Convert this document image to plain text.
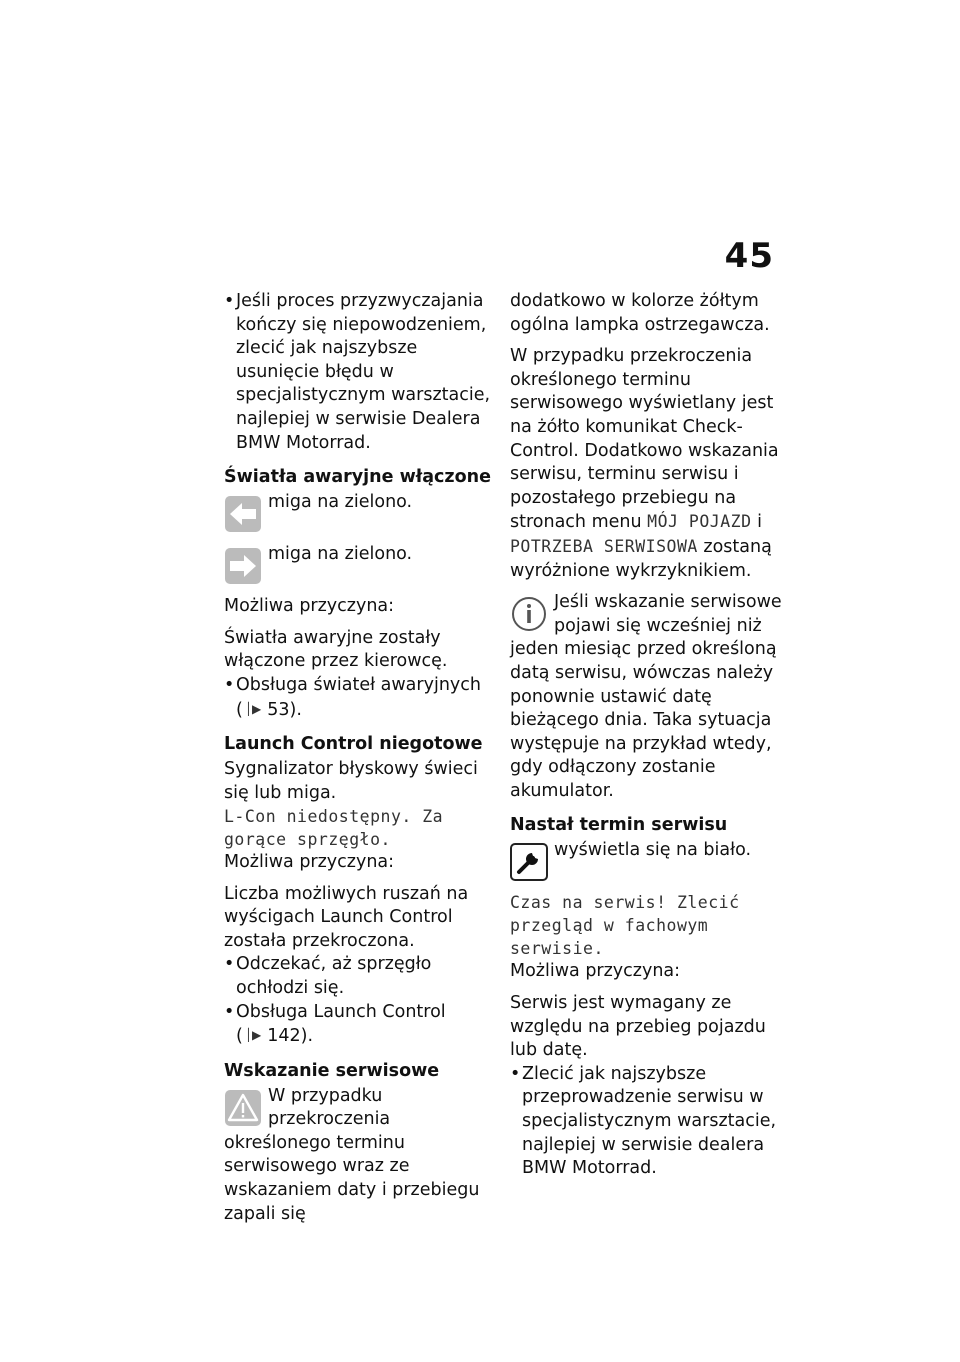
45

• Jeśli proces przyzwyczajania kończy się niepowodzeniem, zlecić jak najszybsze usunięcie błędu w specjalistycznym warsztacie, najlepiej w serwisie Dealera BMW Motorrad.

Światła awaryjne włączone
miga na zielono.
miga na zielono.

Możliwa przyczyna:

Światła awaryjne zostały włączone przez kierowcę.

• Obsługa świateł awaryjnych
( │▶ 53).

Launch Control niegotowe

Sygnalizator błyskowy świeci się lub miga.

L-Con niedostępny. Za gorące sprzęgło.

Możliwa przyczyna:

Liczba możliwych ruszań na wyścigach Launch Control została przekroczona.

• Odczekać, aż sprzęgło ochłodzi się.

• Obsługa Launch Control
( │▶ 142).

Wskazanie serwisowe
W przypadku przekroczenia określonego terminu serwisowego wraz ze wskazaniem daty i przebiegu zapali się

dodatkowo w kolorze żółtym ogólna lampka ostrzegawcza.

W przypadku przekroczenia określonego terminu serwisowego wyświetlany jest na żółto komunikat Check-Control. Dodatkowo wskazania serwisu, terminu serwisu i pozostałego przebiegu na stronach menu MÓJ POJAZD i POTRZEBA SERWISOWA zostaną wyróżnione wykrzyknikiem.

Jeśli wskazanie serwisowe pojawi się wcześniej niż jeden miesiąc przed określoną datą serwisu, wówczas należy ponownie ustawić datę bieżącego dnia. Taka sytuacja występuje na przykład wtedy, gdy odłączony zostanie akumulator.
Nastał termin serwisu
wyświetla się na biało.

Czas na serwis! Zlecić przegląd w fachowym serwisie.

Możliwa przyczyna:

Serwis jest wymagany ze względu na przebieg pojazdu lub datę.

• Zlecić jak najszybsze przeprowadzenie serwisu w specjalistycznym warsztacie, najlepiej w serwisie dealera BMW Motorrad.
